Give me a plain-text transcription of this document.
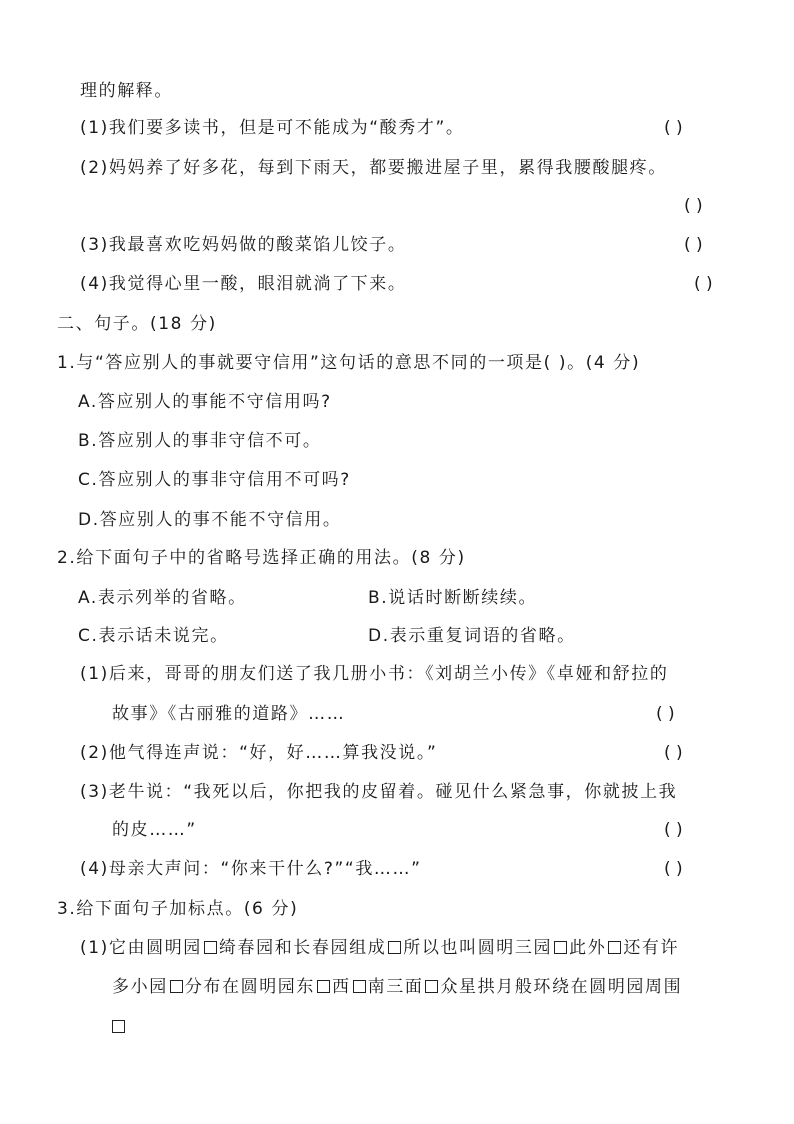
理的解释。
(1)我们要多读书，但是可不能成为“酸秀才”。	( )
(2)妈妈养了好多花，每到下雨天，都要搬进屋子里，累得我腰酸腿疼。
( )
(3)我最喜欢吃妈妈做的酸菜馅儿饺子。	( )
(4)我觉得心里一酸，眼泪就淌了下来。	( )
二、句子。(18 分)
1.与“答应别人的事就要守信用”这句话的意思不同的一项是( )。(4 分)
A.答应别人的事能不守信用吗?
B.答应别人的事非守信不可。
C.答应别人的事非守信用不可吗?
D.答应别人的事不能不守信用。
2.给下面句子中的省略号选择正确的用法。(8 分)
A.表示列举的省略。	B.说话时断断续续。
C.表示话未说完。	D.表示重复词语的省略。
(1)后来，哥哥的朋友们送了我几册小书：《刘胡兰小传》《卓娅和舒拉的
故事》《古丽雅的道路》……	( )
(2)他气得连声说：“好，好……算我没说。”	( )
(3)老牛说：“我死以后，你把我的皮留着。碰见什么紧急事，你就披上我
的皮……”	( )
(4)母亲大声问：“你来干什么?”“我……”	( )
3.给下面句子加标点。(6 分)
(1)它由圆明园 绮春园和长春园组成 所以也叫圆明三园 此外 还有许
多小园 分布在圆明园东 西 南三面 众星拱月般环绕在圆明园周围
